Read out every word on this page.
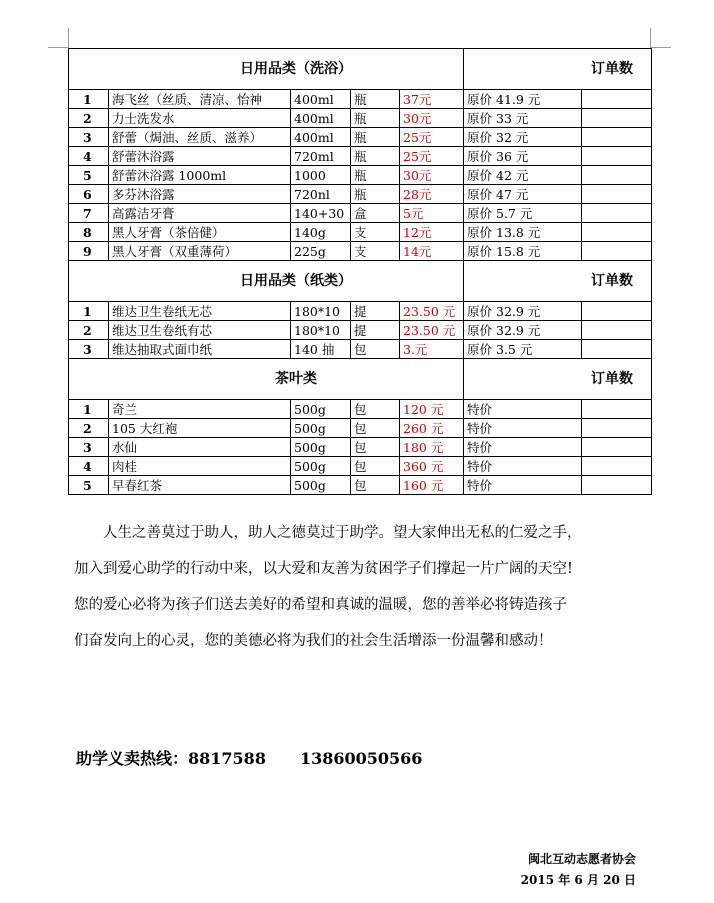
日用品类（洗浴）					订单数	
1	海飞丝（丝质、清凉、怡神	400ml	瓶	37元	原价 41.9 元	
2	力士洗发水	400ml	瓶	30元	原价 33 元	
3	舒蕾（焗油、丝质、滋养）	400ml	瓶	25元	原价 32 元	
4	舒蕾沐浴露	720ml	瓶	25元	原价 36 元	
5	舒蕾沐浴露 1000ml	1000	瓶	30元	原价 42 元	
6	多芬沐浴露	720nl	瓶	28元	原价 47 元	
7	高露洁牙膏	140+30	盒	5元	原价 5.7 元	
8	黑人牙膏（茶倍健）	140g	支	12元	原价 13.8 元	
9	黑人牙膏（双重薄荷）	225g	支	14元	原价 15.8 元	
日用品类（纸类）					订单数	
1	维达卫生卷纸无芯	180*10	提	23.50 元	原价 32.9 元	
2	维达卫生卷纸有芯	180*10	提	23.50 元	原价 32.9 元	
3	维达抽取式面巾纸	140 抽	包	3.元	原价 3.5 元	
茶叶类					订单数	
1	奇兰	500g	包	120 元	特价	
2	105 大红袍	500g	包	260 元	特价	
3	水仙	500g	包	180 元	特价	
4	肉桂	500g	包	360 元	特价	
5	早春红茶	500g	包	160 元	特价	
人生之善莫过于助人，助人之德莫过于助学。望大家伸出无私的仁爱之手，
加入到爱心助学的行动中来，以大爱和友善为贫困学子们撑起一片广阔的天空!
您的爱心必将为孩子们送去美好的希望和真诚的温暖，您的善举必将铸造孩子
们奋发向上的心灵，您的美德必将为我们的社会生活增添一份温馨和感动！
助学义卖热线：8817588 13860050566
闽北互动志愿者协会
2015 年 6 月 20 日
